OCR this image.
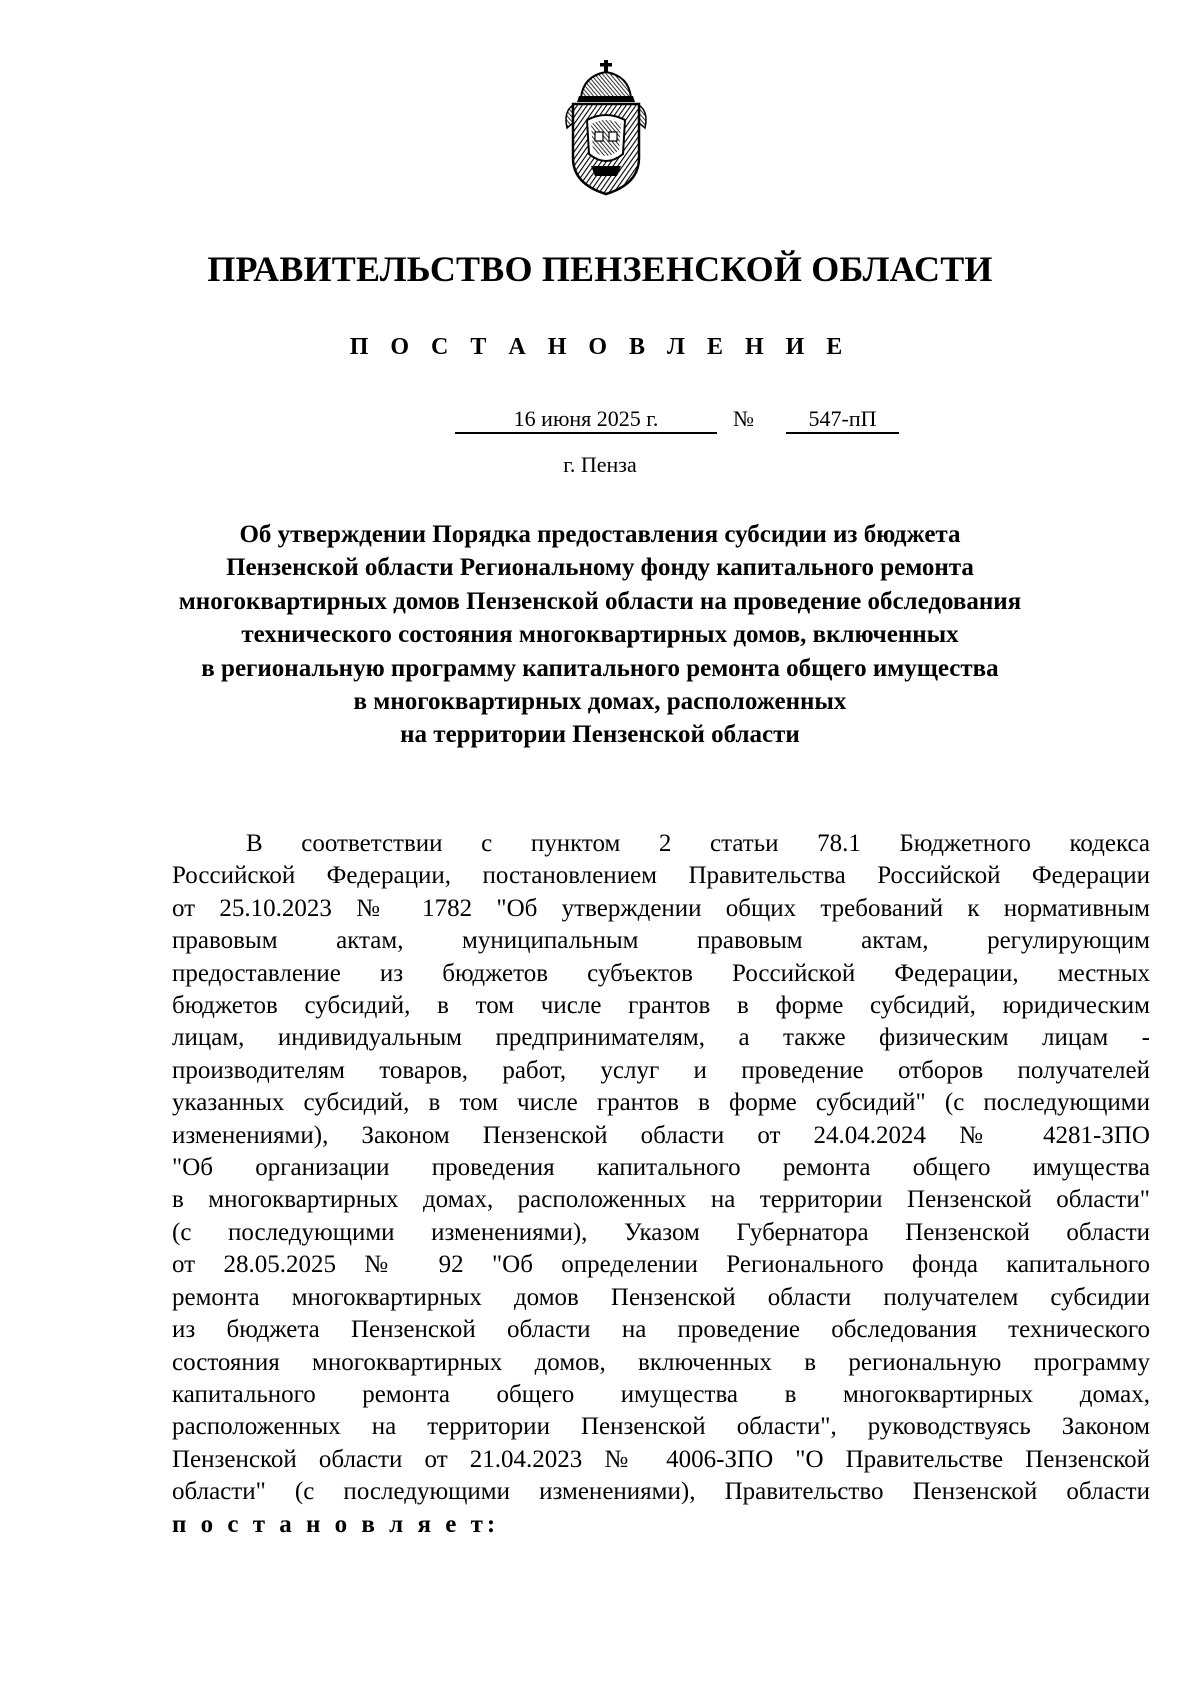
ПРАВИТЕЛЬСТВО ПЕНЗЕНСКОЙ ОБЛАСТИ
П О С Т А Н О В Л Е Н И Е
16 июня 2025 г.	№	547-пП

г. Пенза

Об утверждении Порядка предоставления субсидии из бюджета
Пензенской области Региональному фонду капитального ремонта
многоквартирных домов Пензенской области на проведение обследования
технического состояния многоквартирных домов, включенных
в региональную программу капитального ремонта общего имущества
в многоквартирных домах, расположенных
на территории Пензенской области

В соответствии с пунктом 2 статьи 78.1 Бюджетного кодекса
Российской Федерации, постановлением Правительства Российской Федерации
от 25.10.2023 № 1782 "Об утверждении общих требований к нормативным
правовым актам, муниципальным правовым актам, регулирующим
предоставление из бюджетов субъектов Российской Федерации, местных
бюджетов субсидий, в том числе грантов в форме субсидий, юридическим
лицам, индивидуальным предпринимателям, а также физическим лицам -
производителям товаров, работ, услуг и проведение отборов получателей
указанных субсидий, в том числе грантов в форме субсидий" (с последующими
изменениями), Законом Пензенской области от 24.04.2024 № 4281-ЗПО
"Об организации проведения капитального ремонта общего имущества
в многоквартирных домах, расположенных на территории Пензенской области"
(с последующими изменениями), Указом Губернатора Пензенской области
от 28.05.2025 № 92 "Об определении Регионального фонда капитального
ремонта многоквартирных домов Пензенской области получателем субсидии
из бюджета Пензенской области на проведение обследования технического
состояния многоквартирных домов, включенных в региональную программу
капитального ремонта общего имущества в многоквартирных домах,
расположенных на территории Пензенской области", руководствуясь Законом
Пензенской области от 21.04.2023 № 4006-ЗПО "О Правительстве Пензенской
области" (с последующими изменениями), Правительство Пензенской области
п о с т а н о в л я е т:
